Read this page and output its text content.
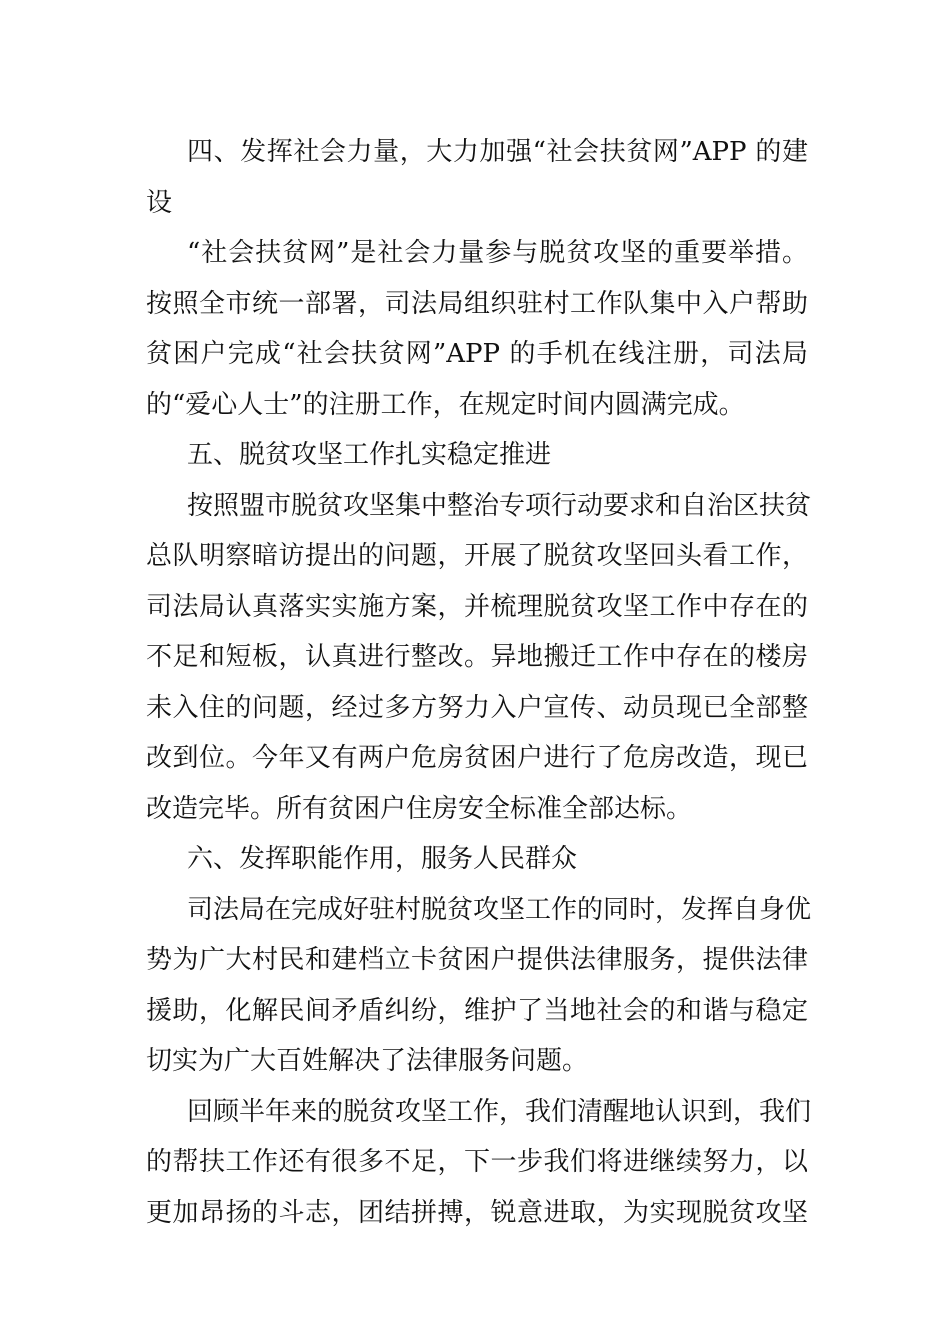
四、发挥社会力量，大力加强“社会扶贫网”APP 的建
设
“社会扶贫网”是社会力量参与脱贫攻坚的重要举措。
按照全市统一部署，司法局组织驻村工作队集中入户帮助
贫困户完成“社会扶贫网”APP 的手机在线注册，司法局
的“爱心人士”的注册工作，在规定时间内圆满完成。
五、脱贫攻坚工作扎实稳定推进
按照盟市脱贫攻坚集中整治专项行动要求和自治区扶贫
总队明察暗访提出的问题，开展了脱贫攻坚回头看工作，
司法局认真落实实施方案，并梳理脱贫攻坚工作中存在的
不足和短板，认真进行整改。异地搬迁工作中存在的楼房
未入住的问题，经过多方努力入户宣传、动员现已全部整
改到位。今年又有两户危房贫困户进行了危房改造，现已
改造完毕。所有贫困户住房安全标准全部达标。
六、发挥职能作用，服务人民群众
司法局在完成好驻村脱贫攻坚工作的同时，发挥自身优
势为广大村民和建档立卡贫困户提供法律服务，提供法律
援助，化解民间矛盾纠纷，维护了当地社会的和谐与稳定
切实为广大百姓解决了法律服务问题。
回顾半年来的脱贫攻坚工作，我们清醒地认识到，我们
的帮扶工作还有很多不足，下一步我们将进继续努力，以
更加昂扬的斗志，团结拼搏，锐意进取，为实现脱贫攻坚
